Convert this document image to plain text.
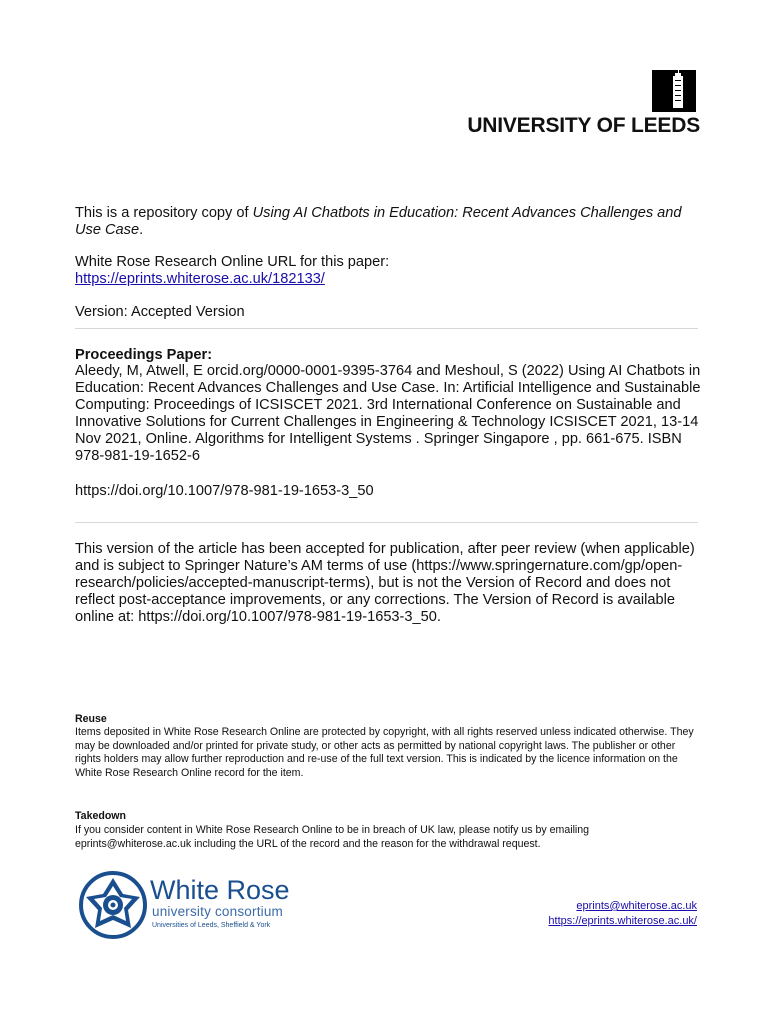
UNIVERSITY OF LEEDS
This is a repository copy of Using AI Chatbots in Education: Recent Advances Challenges and Use Case.
White Rose Research Online URL for this paper:
https://eprints.whiterose.ac.uk/182133/
Version: Accepted Version
Proceedings Paper:
Aleedy, M, Atwell, E orcid.org/0000-0001-9395-3764 and Meshoul, S (2022) Using AI Chatbots in Education: Recent Advances Challenges and Use Case. In: Artificial Intelligence and Sustainable Computing: Proceedings of ICSISCET 2021. 3rd International Conference on Sustainable and Innovative Solutions for Current Challenges in Engineering & Technology ICSISCET 2021, 13-14 Nov 2021, Online. Algorithms for Intelligent Systems . Springer Singapore , pp. 661-675. ISBN 978-981-19-1652-6
https://doi.org/10.1007/978-981-19-1653-3_50
This version of the article has been accepted for publication, after peer review (when applicable) and is subject to Springer Nature’s AM terms of use (https://www.springernature.com/gp/open-research/policies/accepted-manuscript-terms), but is not the Version of Record and does not reflect post-acceptance improvements, or any corrections. The Version of Record is available online at: https://doi.org/10.1007/978-981-19-1653-3_50.
Reuse
Items deposited in White Rose Research Online are protected by copyright, with all rights reserved unless indicated otherwise. They may be downloaded and/or printed for private study, or other acts as permitted by national copyright laws. The publisher or other rights holders may allow further reproduction and re-use of the full text version. This is indicated by the licence information on the White Rose Research Online record for the item.
Takedown
If you consider content in White Rose Research Online to be in breach of UK law, please notify us by emailing eprints@whiterose.ac.uk including the URL of the record and the reason for the withdrawal request.
White Rose
university consortium
Universities of Leeds, Sheffield & York
eprints@whiterose.ac.uk
https://eprints.whiterose.ac.uk/
